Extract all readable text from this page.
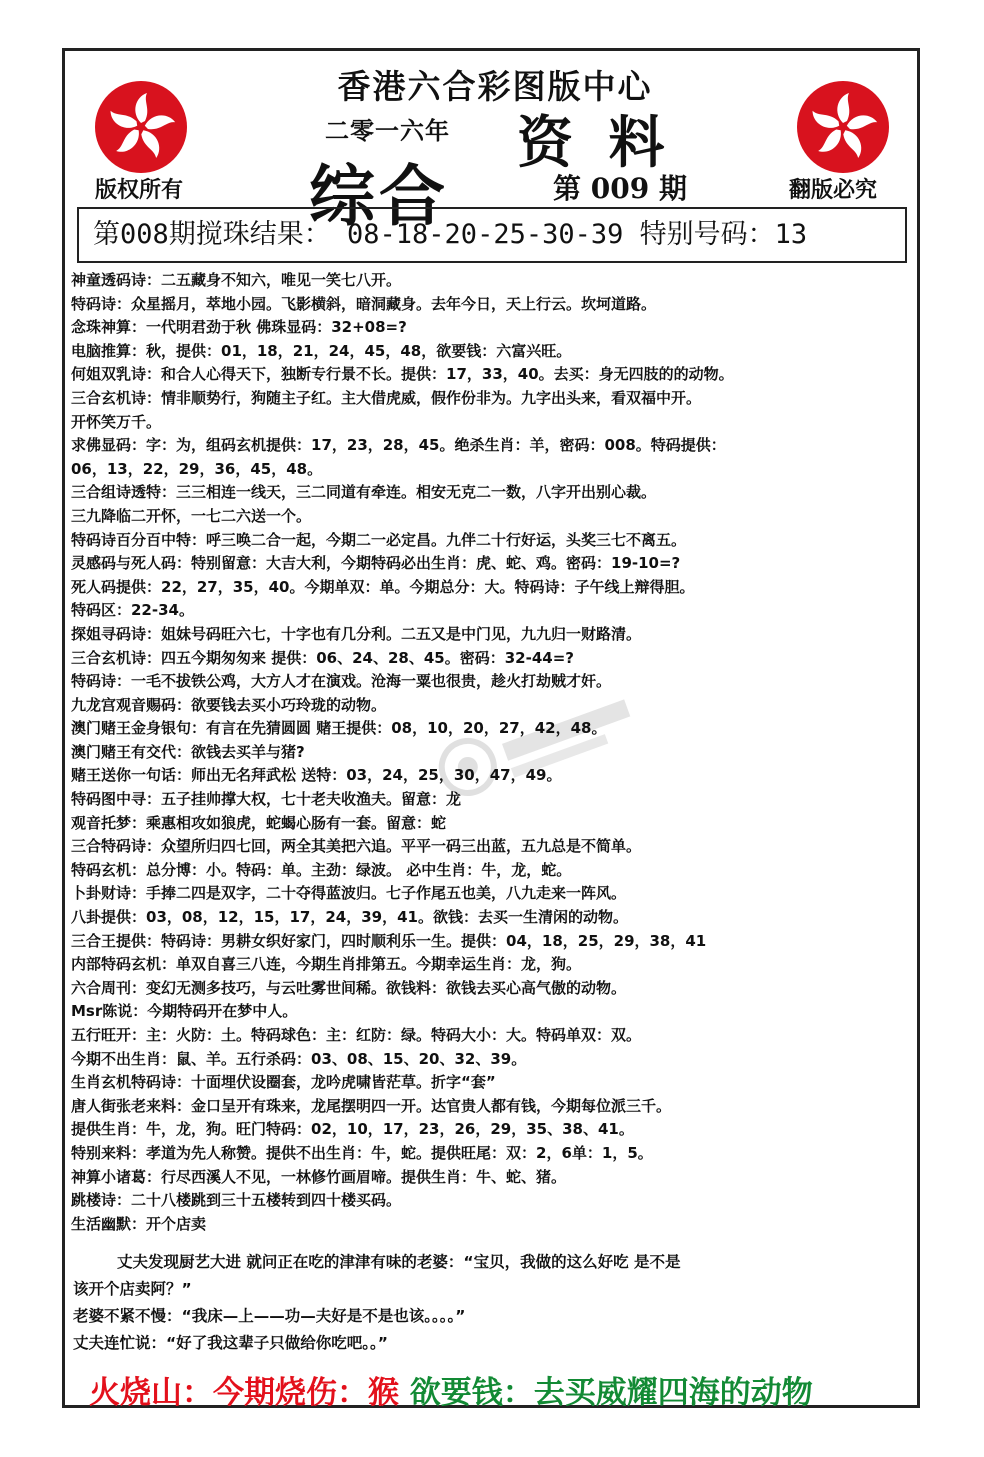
香港六合彩图版中心
二零一六年 资 料
综合	第 009 期
版权所有	翻版必究
第008期搅珠结果： 08-18-20-25-30-39 特别号码：13
神童透码诗：二五藏身不知六，唯见一笑七八开。
特码诗：众星摇月，萃地小园。飞影横斜，暗洞藏身。去年今日，天上行云。坎坷道路。
念珠神算：一代明君劲于秋 佛珠显码：32+08=?
电脑推算：秋，提供：01，18，21，24，45，48，欲要钱：六富兴旺。
何姐双乳诗：和合人心得天下，独断专行景不长。提供：17，33，40。去买：身无四肢的的动物。
三合玄机诗：情非顺势行，狗随主子红。主大借虎威，假作份非为。九字出头来，看双福中开。
开怀笑万千。
求佛显码：字：为，组码玄机提供：17，23，28，45。绝杀生肖：羊，密码：008。特码提供：
06，13，22，29，36，45，48。
三合组诗透特：三三相连一线天，三二同道有牵连。相安无克二一数，八字开出别心裁。
三九降临二开怀，一七二六送一个。
特码诗百分百中特：呼三唤二合一起，今期二一必定昌。九伴二十行好运，头奖三七不离五。
灵感码与死人码：特别留意：大吉大利，今期特码必出生肖：虎、蛇、鸡。密码：19-10=?
死人码提供：22，27，35，40。今期单双：单。今期总分：大。特码诗：子午线上辩得胆。
特码区：22-34。
探姐寻码诗：姐妹号码旺六七，十字也有几分利。二五又是中门见，九九归一财路清。
三合玄机诗：四五今期匆匆来 提供：06、24、28、45。密码：32-44=?
特码诗：一毛不拔铁公鸡，大方人才在演戏。沧海一粟也很贵，趁火打劫贼才奸。
九龙宫观音赐码：欲要钱去买小巧玲珑的动物。
澳门赌王金身银句：有言在先猜圆圆 赌王提供：08，10，20，27，42，48。
澳门赌王有交代：欲钱去买羊与猪?
赌王送你一句话：师出无名拜武松 送特：03，24，25，30，47，49。
特码图中寻：五子挂帅撑大权，七十老夫收渔夫。留意：龙
观音托梦：乘惠相攻如狼虎，蛇蝎心肠有一套。留意：蛇
三合特码诗：众望所归四七回，两全其美把六追。平平一码三出蓝，五九总是不简单。
特码玄机：总分博：小。特码：单。主劲：绿波。 必中生肖：牛，龙，蛇。
卜卦财诗：手捧二四是双字，二十夺得蓝波归。七子作尾五也美，八九走来一阵风。
八卦提供：03，08，12，15，17，24，39，41。欲钱：去买一生清闲的动物。
三合王提供：特码诗：男耕女织好家门，四时顺利乐一生。提供：04，18，25，29，38，41
内部特码玄机：单双自喜三八连，今期生肖排第五。今期幸运生肖：龙，狗。
六合周刊：变幻无测多技巧，与云吐雾世间稀。欲钱料：欲钱去买心高气傲的动物。
Msr陈说：今期特码开在梦中人。
五行旺开：主：火防：土。特码球色：主：红防：绿。特码大小：大。特码单双：双。
今期不出生肖：鼠、羊。五行杀码：03、08、15、20、32、39。
生肖玄机特码诗：十面埋伏设圈套，龙吟虎啸皆茫草。折字“套”
唐人街张老来料：金口呈开有珠来，龙尾摆明四一开。达官贵人都有钱，今期每位派三千。
提供生肖：牛，龙，狗。旺门特码：02，10，17，23，26，29，35、38、41。
特别来料：孝道为先人称赞。提供不出生肖：牛，蛇。提供旺尾：双：2，6单：1，5。
神算小诸葛：行尽西溪人不见，一林修竹画眉啼。提供生肖：牛、蛇、猪。
跳楼诗：二十八楼跳到三十五楼转到四十楼买码。
生活幽默：开个店卖
丈夫发现厨艺大进 就问正在吃的津津有味的老婆：“宝贝，我做的这么好吃 是不是
该开个店卖阿？”
老婆不紧不慢：“我床—上——功—夫好是不是也该。。。。”
丈夫连忙说：“好了我这辈子只做给你吃吧。。”
火烧山：今期烧伤：猴 欲要钱：去买威耀四海的动物
